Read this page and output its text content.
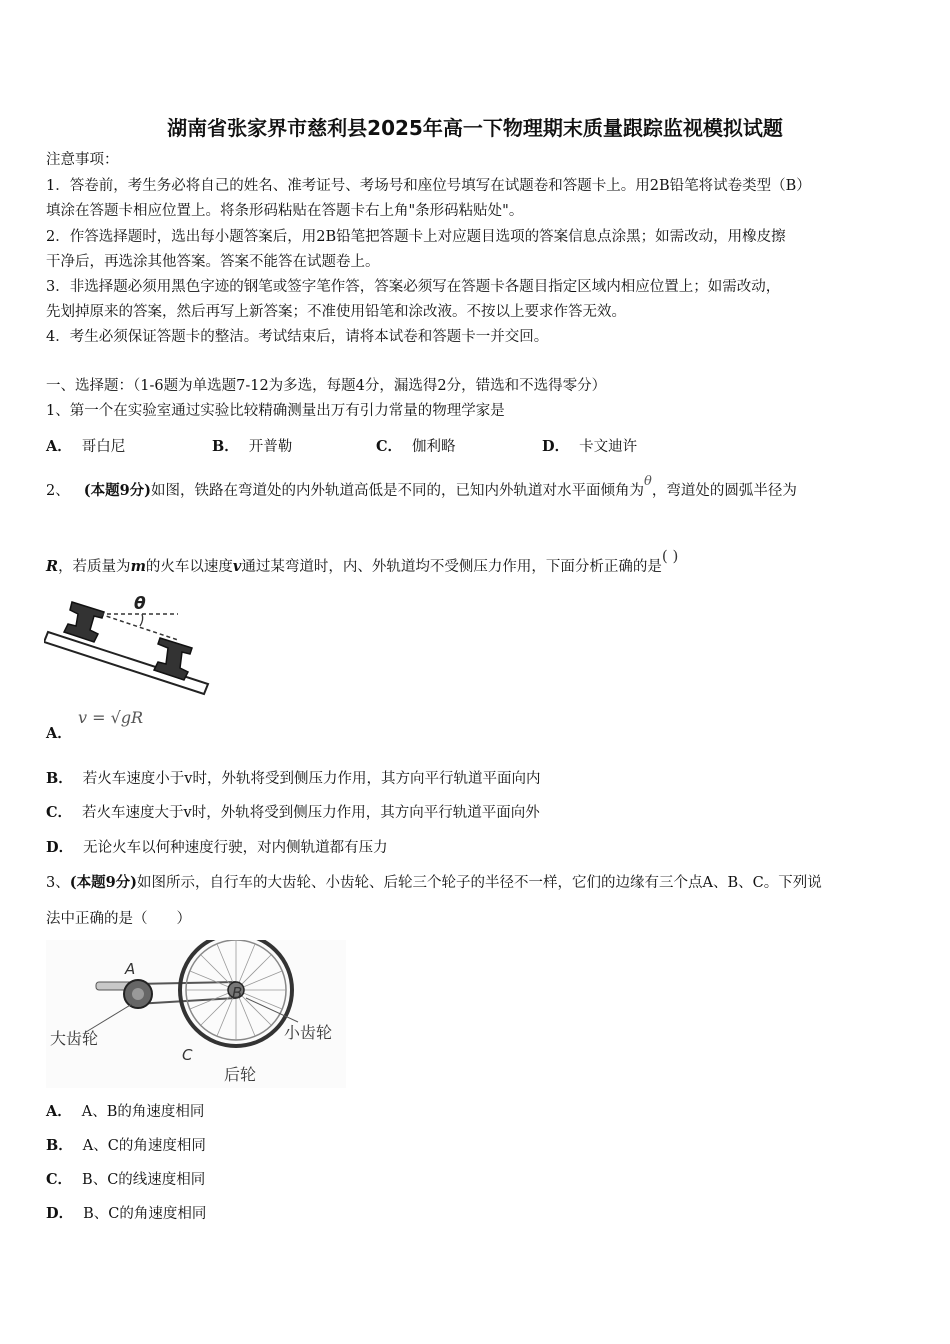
湖南省张家界市慈利县2025年高一下物理期末质量跟踪监视模拟试题
注意事项：
1．答卷前，考生务必将自己的姓名、准考证号、考场号和座位号填写在试题卷和答题卡上。用2B铅笔将试卷类型（B）
填涂在答题卡相应位置上。将条形码粘贴在答题卡右上角"条形码粘贴处"。
2．作答选择题时，选出每小题答案后，用2B铅笔把答题卡上对应题目选项的答案信息点涂黑；如需改动，用橡皮擦
干净后，再选涂其他答案。答案不能答在试题卷上。
3．非选择题必须用黑色字迹的钢笔或签字笔作答，答案必须写在答题卡各题目指定区域内相应位置上；如需改动，
先划掉原来的答案，然后再写上新答案；不准使用铅笔和涂改液。不按以上要求作答无效。
4．考生必须保证答题卡的整洁。考试结束后，请将本试卷和答题卡一并交回。
一、选择题：（1-6题为单选题7-12为多选，每题4分，漏选得2分，错选和不选得零分）
1、第一个在实验室通过实验比较精确测量出万有引力常量的物理学家是
A． 哥白尼	B． 开普勒	C． 伽利略	D． 卡文迪许
2、 (本题9分)如图，铁路在弯道处的内外轨道高低是不同的，已知内外轨道对水平面倾角为θ，弯道处的圆弧半径为
R，若质量为m的火车以速度v通过某弯道时，内、外轨道均不受侧压力作用，下面分析正确的是( )
θ
A．
v = √gR
B． 若火车速度小于v时，外轨将受到侧压力作用，其方向平行轨道平面向内
C． 若火车速度大于v时，外轨将受到侧压力作用，其方向平行轨道平面向外
D． 无论火车以何种速度行驶，对内侧轨道都有压力
3、(本题9分)如图所示，自行车的大齿轮、小齿轮、后轮三个轮子的半径不一样，它们的边缘有三个点A、B、C。下列说
法中正确的是（　　）
A
B
C
大齿轮	小齿轮
后轮
A． A、B的角速度相同
B． A、C的角速度相同
C． B、C的线速度相同
D． B、C的角速度相同
